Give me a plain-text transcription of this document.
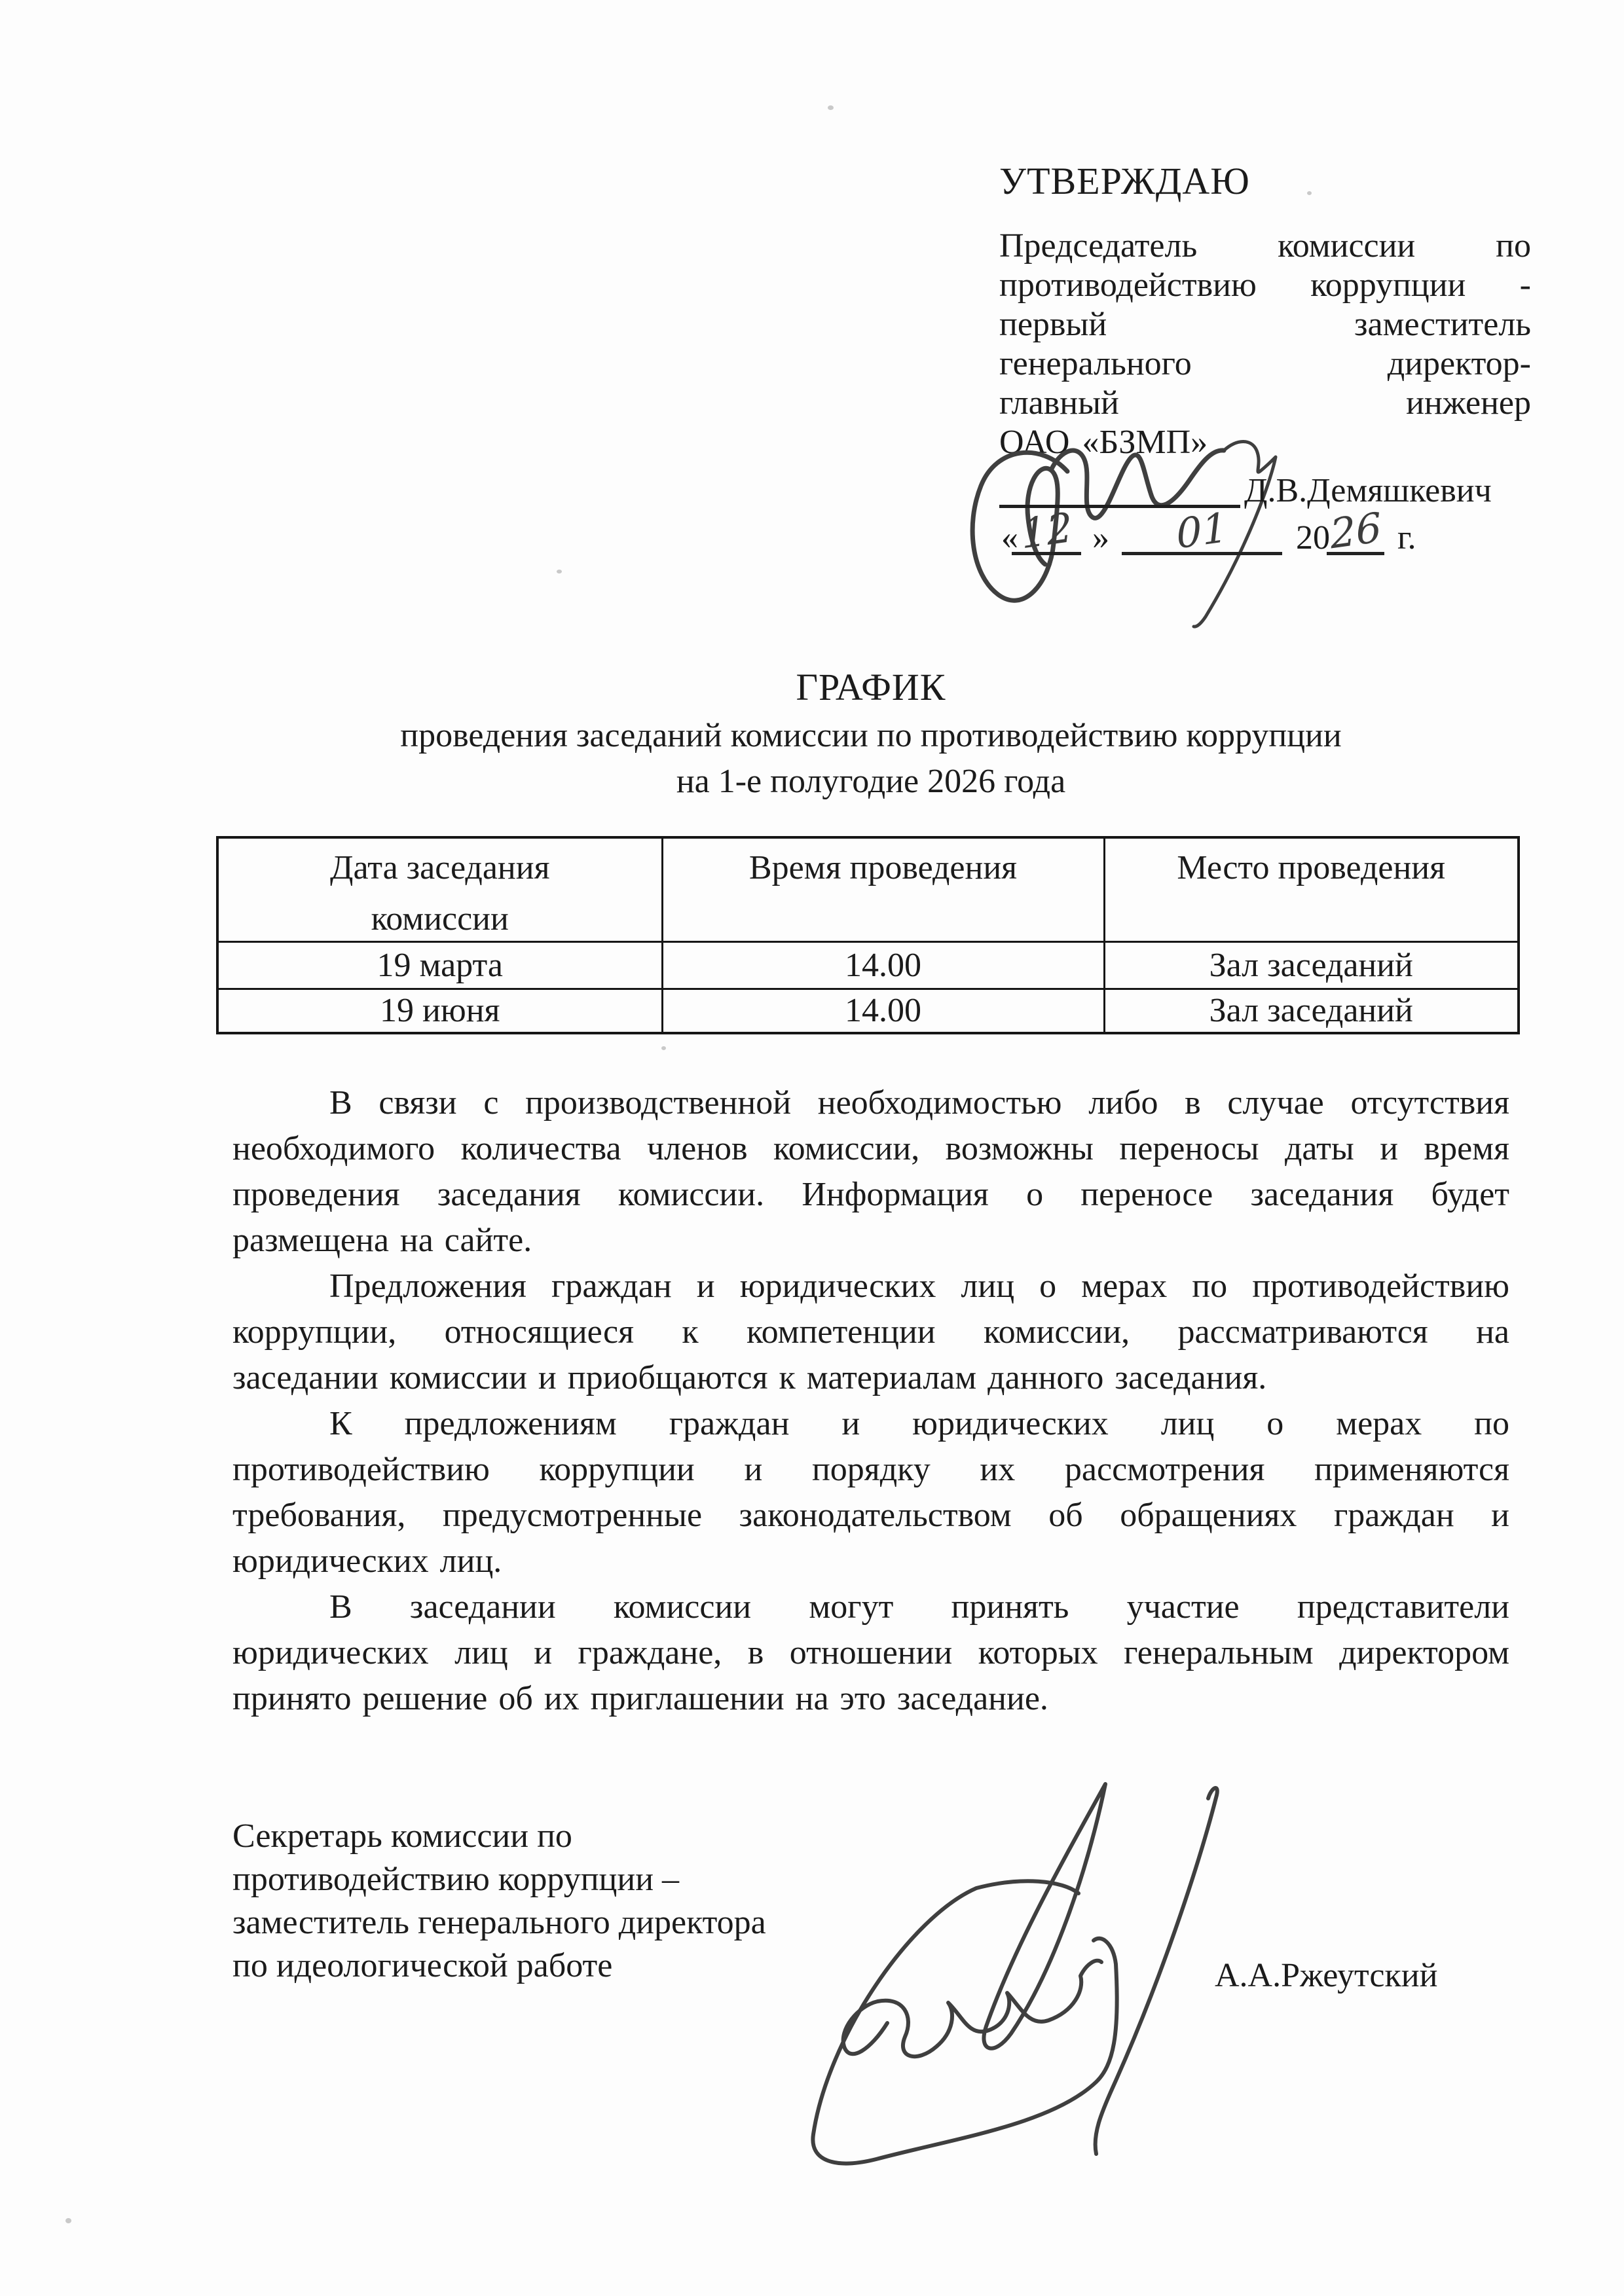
УТВЕРЖДАЮ
Председатель комиссии по
противодействию коррупции -
первый заместитель
генерального директор-
главный инженер
ОАО «БЗМП»
Д.В.Демяшкевич
« 12 »	01	20
26 г.
ГРАФИК
проведения заседаний комиссии по противодействию коррупции
на 1-е полугодие 2026 года
Дата заседания
комиссии	Время проведения	Место проведения
19 марта	14.00	Зал заседаний
19 июня	14.00	Зал заседаний
В связи с производственной необходимостью либо в случае отсутствия
необходимого количества членов комиссии, возможны переносы даты и время
проведения заседания комиссии. Информация о переносе заседания будет
размещена на сайте.
Предложения граждан и юридических лиц о мерах по противодействию
коррупции, относящиеся к компетенции комиссии, рассматриваются на
заседании комиссии и приобщаются к материалам данного заседания.
К предложениям граждан и юридических лиц о мерах по
противодействию коррупции и порядку их рассмотрения применяются
требования, предусмотренные законодательством об обращениях граждан и
юридических лиц.
В заседании комиссии могут принять участие представители
юридических лиц и граждане, в отношении которых генеральным директором
принято решение об их приглашении на это заседание.
Секретарь комиссии по
противодействию коррупции –
заместитель генерального директора
по идеологической работе	А.А.Ржеутский
